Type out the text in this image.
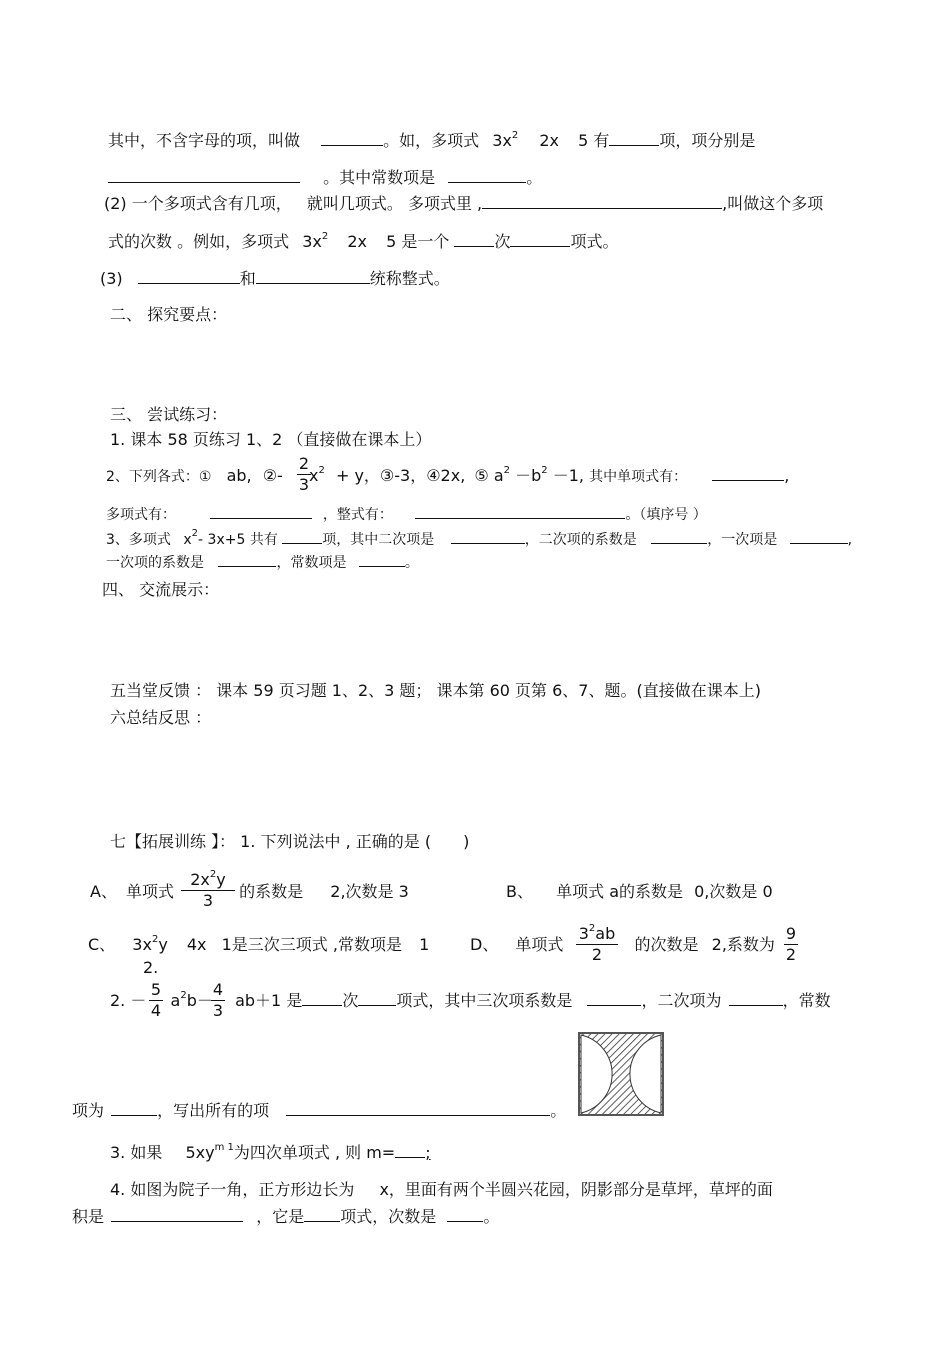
其中，不含字母的项，叫做	。如，多项式 $3x^2$ 2x 5 有	项，项分别是
。其中常数项是	。
(2) 一个多项式含有几项， 就叫几项式。 多项式里 ,	,叫做这个多项
式的次数 。例如，多项式 $3x^2$ 2x 5 是一个	次	项式。
(3)	和	统称整式。
二、 探究要点：
三、 尝试练习：
1. 课本 58 页练习 1、2 （直接做在课本上）
2、下列各式：① ab, ②- $x^2 + y$，③-3，④2x, ⑤ $a^2 -b^2 -1$, 其中单项式有：	,
2
3
多项式有：	，整式有：	。（填序号 ）
3、多项式 $x^2-$ 3x+5 共有	项，其中二次项是	，二次项的系数是	，一次项是	,
一次项的系数是	，常数项是	。
四、 交流展示：
五当堂反馈 ： 课本 59 页习题 1、2、3 题； 课本第 60 页第 6、7、题。(直接做在课本上)
六总结反思 ：
七【拓展训练 】： 1. 下列说法中 , 正确的是 (　　)
A、 单项式	的系数是 2,次数是 3
$2x^2y$
3	B、 单项式 a的系数是 0,次数是 0
C、 $3x^2y$ 4x 1是三次三项式 ,常数项是 1
2.
D、 单项式	的次数是 2,系数为
$3^2ab$
2
9
2
2. － $a^2b- ab+1$ 是	次 项式，其中三次项系数是	，二次项为	，常数
5
4
4
3
项为	，写出所有的项	。
3. 如果 $5xy^{m 1}$为四次单项式 , 则 m= ;
4. 如图为院子一角，正方形边长为 x，里面有两个半圆兴花园，阴影部分是草坪，草坪的面
积是	，它是 项式，次数是	。
